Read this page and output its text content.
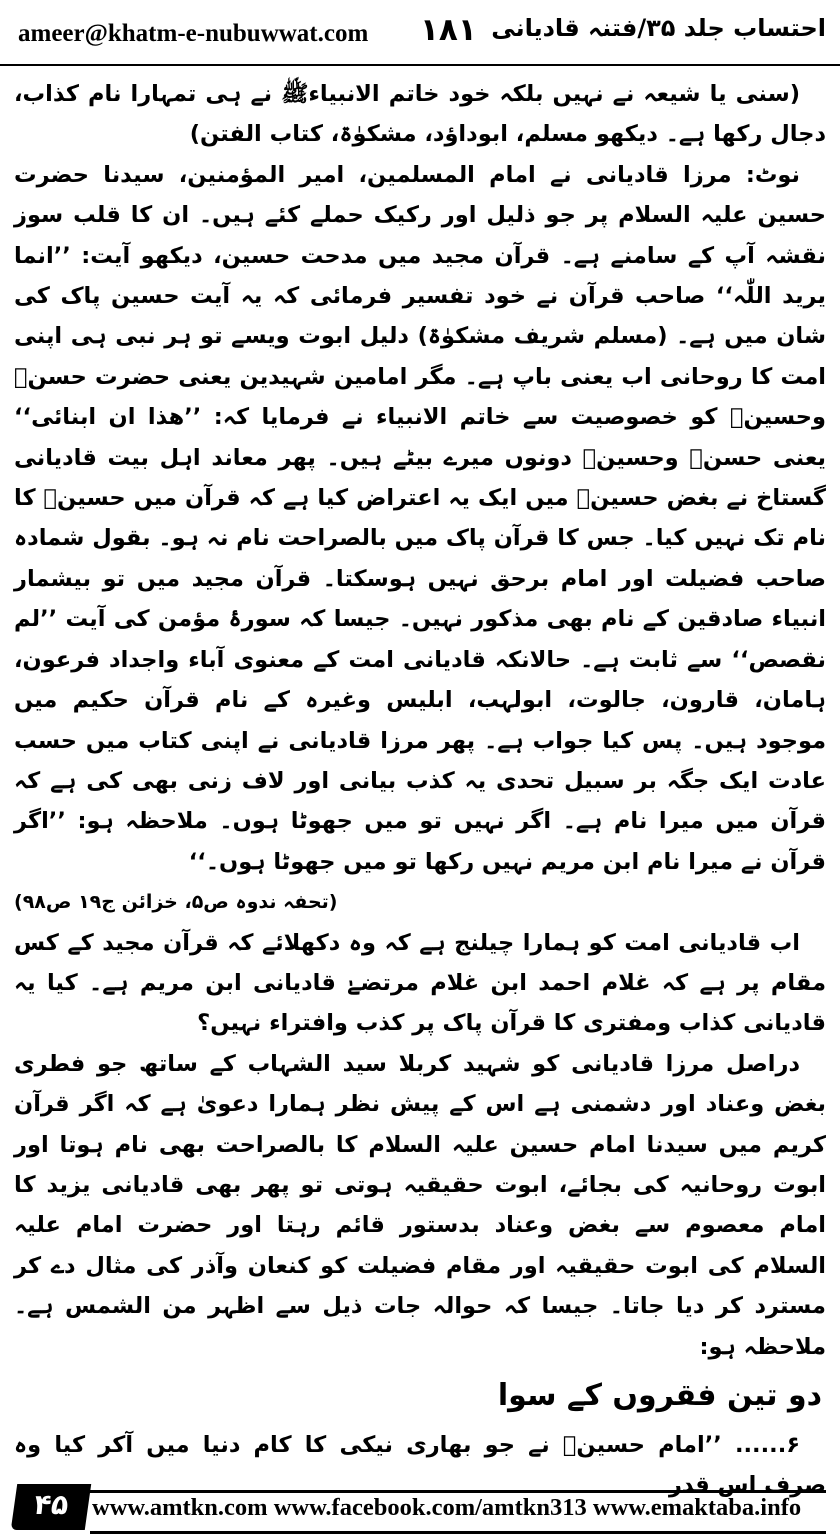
ameer@khatm-e-nubuwwat.com ۱۸۱ احتساب جلد ۳۵/فتنہ قادیانی

(سنی یا شیعہ نے نہیں بلکہ خود خاتم الانبیاءﷺ نے ہی تمہارا نام کذاب، دجال رکھا ہے۔ دیکھو مسلم، ابوداؤد، مشکوٰۃ، کتاب الفتن)

نوٹ: مرزا قادیانی نے امام المسلمین، امیر المؤمنین، سیدنا حضرت حسین علیہ السلام پر جو ذلیل اور رکیک حملے کئے ہیں۔ ان کا قلب سوز نقشہ آپ کے سامنے ہے۔ قرآن مجید میں مدحت حسین، دیکھو آیت: ’’انما یرید اللّٰہ‘‘ صاحب قرآن نے خود تفسیر فرمائی کہ یہ آیت حسین پاک کی شان میں ہے۔ (مسلم شریف مشکوٰۃ) دلیل ابوت ویسے تو ہر نبی ہی اپنی امت کا روحانی اب یعنی باپ ہے۔ مگر امامین شہیدین یعنی حضرت حسنؓ وحسینؓ کو خصوصیت سے خاتم الانبیاء نے فرمایا کہ: ’’ھذا ان ابنائی‘‘ یعنی حسنؓ وحسینؓ دونوں میرے بیٹے ہیں۔ پھر معاند اہل بیت قادیانی گستاخ نے بغض حسینؓ میں ایک یہ اعتراض کیا ہے کہ قرآن میں حسینؓ کا نام تک نہیں کیا۔ جس کا قرآن پاک میں بالصراحت نام نہ ہو۔ بقول شمادہ صاحب فضیلت اور امام برحق نہیں ہوسکتا۔ قرآن مجید میں تو بیشمار انبیاء صادقین کے نام بھی مذکور نہیں۔ جیسا کہ سورۂ مؤمن کی آیت ’’لم نقصص‘‘ سے ثابت ہے۔ حالانکہ قادیانی امت کے معنوی آباء واجداد فرعون، ہامان، قارون، جالوت، ابولہب، ابلیس وغیرہ کے نام قرآن حکیم میں موجود ہیں۔ پس کیا جواب ہے۔ پھر مرزا قادیانی نے اپنی کتاب میں حسب عادت ایک جگہ بر سبیل تحدی یہ کذب بیانی اور لاف زنی بھی کی ہے کہ قرآن میں میرا نام ہے۔ اگر نہیں تو میں جھوٹا ہوں۔ ملاحظہ ہو: ’’اگر قرآن نے میرا نام ابن مریم نہیں رکھا تو میں جھوٹا ہوں۔‘‘

(تحفہ ندوہ ص۵، خزائن ج۱۹ ص۹۸)

اب قادیانی امت کو ہمارا چیلنج ہے کہ وہ دکھلائے کہ قرآن مجید کے کس مقام پر ہے کہ غلام احمد ابن غلام مرتضےٰ قادیانی ابن مریم ہے۔ کیا یہ قادیانی کذاب ومفتری کا قرآن پاک پر کذب وافتراء نہیں؟

دراصل مرزا قادیانی کو شہید کربلا سید الشہاب کے ساتھ جو فطری بغض وعناد اور دشمنی ہے اس کے پیش نظر ہمارا دعویٰ ہے کہ اگر قرآن کریم میں سیدنا امام حسین علیہ السلام کا بالصراحت بھی نام ہوتا اور ابوت روحانیہ کی بجائے، ابوت حقیقیہ ہوتی تو پھر بھی قادیانی یزید کا امام معصوم سے بغض وعناد بدستور قائم رہتا اور حضرت امام علیہ السلام کی ابوت حقیقیہ اور مقام فضیلت کو کنعان وآذر کی مثال دے کر مسترد کر دیا جاتا۔ جیسا کہ حوالہ جات ذیل سے اظہر من الشمس ہے۔ ملاحظہ ہو:

دو تین فقروں کے سوا

۶...... ’’امام حسینؓ نے جو بھاری نیکی کا کام دنیا میں آکر کیا وہ صرف اس قدر

۴۵ www.amtkn.com www.facebook.com/amtkn313 www.emaktaba.info
